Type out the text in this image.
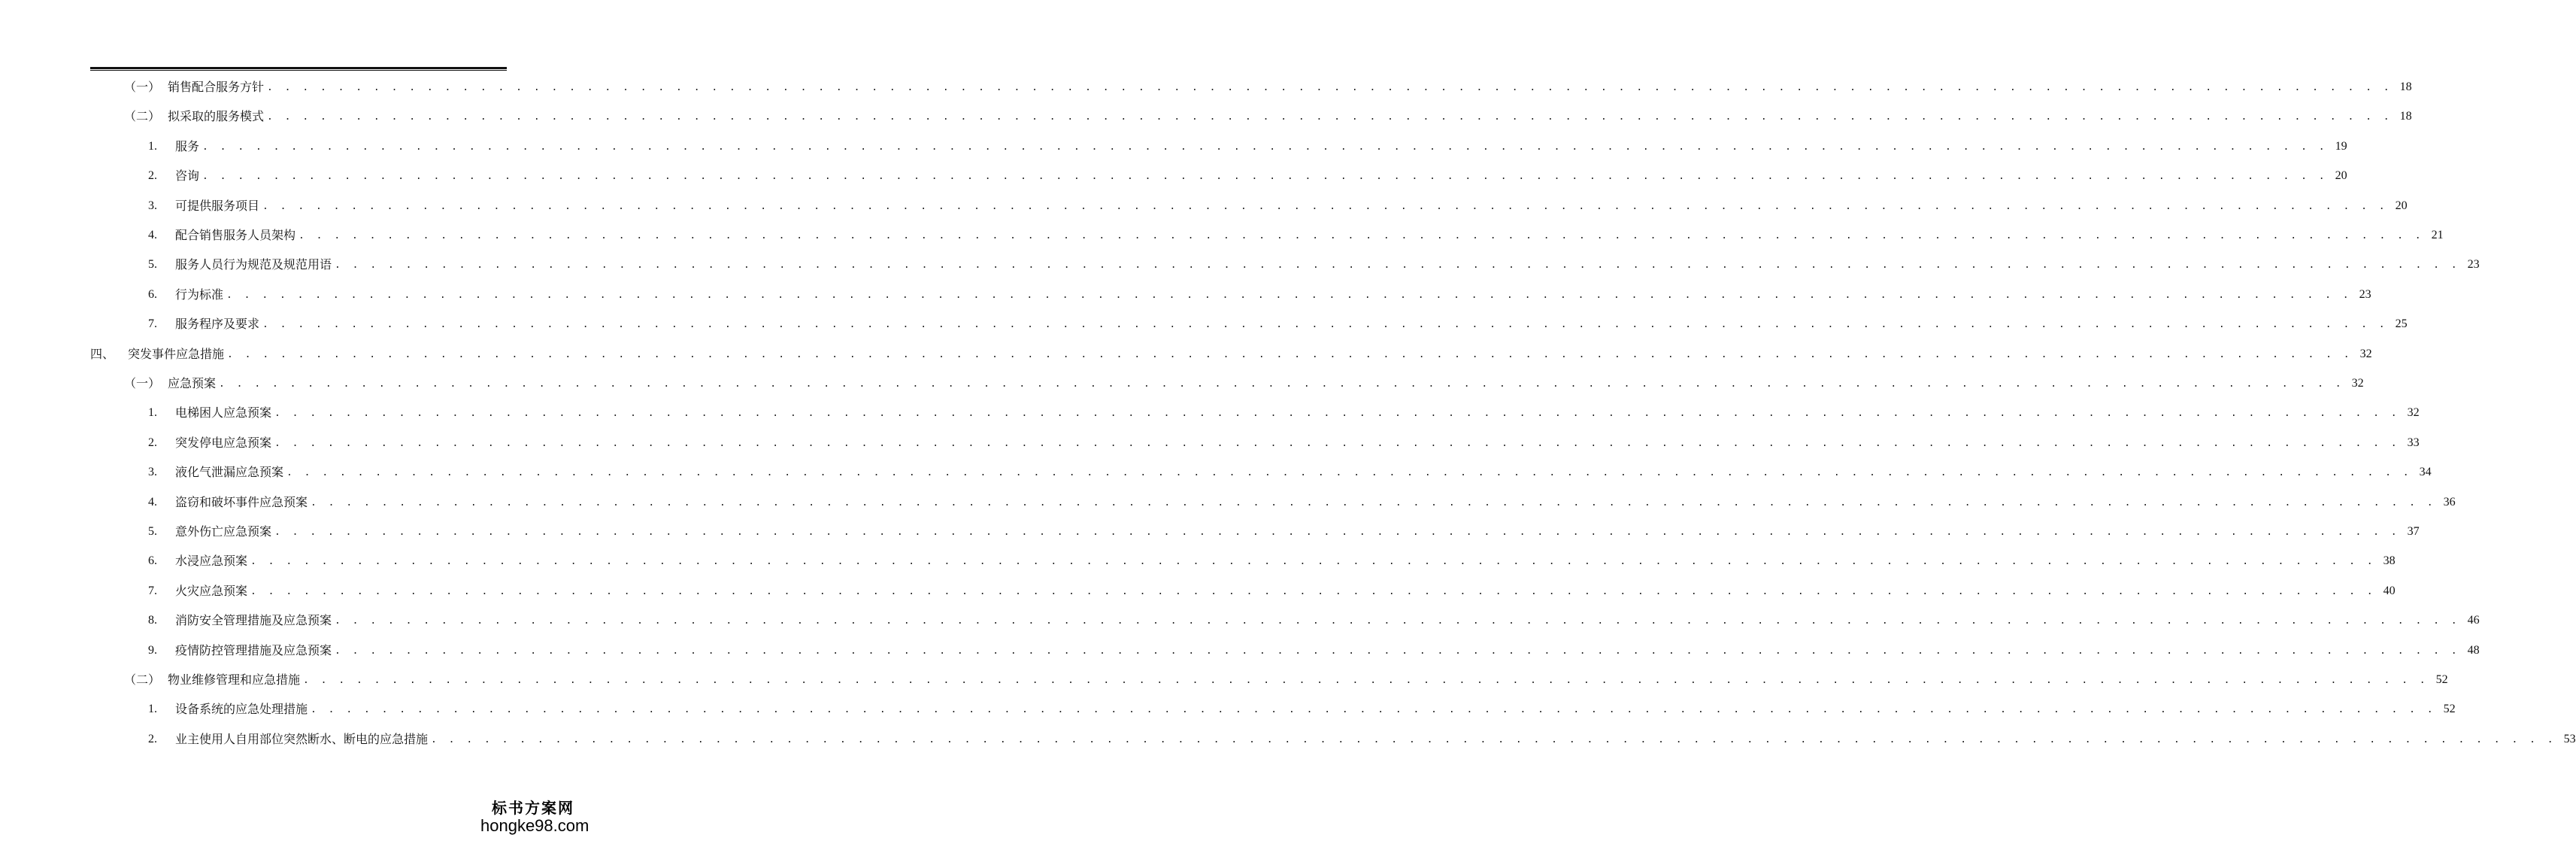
（一） 销售配合服务方针 . . . . . . . . . . . . . . . . . . . . . . . . . . . . . . . . . . . . . . . . . . . . . . . . . . . . . . . . . . . . . . . . . . . . . . . . . . . . . . . . . . . . . . . . . . . . . . . . . . . . . . . . . . . . . . . . . . . . . . . . 18
（二） 拟采取的服务模式 . . . . . . . . . . . . . . . . . . . . . . . . . . . . . . . . . . . . . . . . . . . . . . . . . . . . . . . . . . . . . . . . . . . . . . . . . . . . . . . . . . . . . . . . . . . . . . . . . . . . . . . . . . . . . . . . . . . . . . . . 18
1.	服务 . . . . . . . . . . . . . . . . . . . . . . . . . . . . . . . . . . . . . . . . . . . . . . . . . . . . . . . . . . . . . . . . . . . . . . . . . . . . . . . . . . . . . . . . . . . . . . . . . . . . . . . . . . . . . . . . . . . . . . . . 19
2.	咨询 . . . . . . . . . . . . . . . . . . . . . . . . . . . . . . . . . . . . . . . . . . . . . . . . . . . . . . . . . . . . . . . . . . . . . . . . . . . . . . . . . . . . . . . . . . . . . . . . . . . . . . . . . . . . . . . . . . . . . . . . 20
3.	可提供服务项目 . . . . . . . . . . . . . . . . . . . . . . . . . . . . . . . . . . . . . . . . . . . . . . . . . . . . . . . . . . . . . . . . . . . . . . . . . . . . . . . . . . . . . . . . . . . . . . . . . . . . . . . . . . . . . . . . . . . . . . . . 20
4.	配合销售服务人员架构 . . . . . . . . . . . . . . . . . . . . . . . . . . . . . . . . . . . . . . . . . . . . . . . . . . . . . . . . . . . . . . . . . . . . . . . . . . . . . . . . . . . . . . . . . . . . . . . . . . . . . . . . . . . . . . . . . . . . . . . . 21
5.	服务人员行为规范及规范用语 . . . . . . . . . . . . . . . . . . . . . . . . . . . . . . . . . . . . . . . . . . . . . . . . . . . . . . . . . . . . . . . . . . . . . . . . . . . . . . . . . . . . . . . . . . . . . . . . . . . . . . . . . . . . . . . . . . . . . . . . 23
6.	行为标准 . . . . . . . . . . . . . . . . . . . . . . . . . . . . . . . . . . . . . . . . . . . . . . . . . . . . . . . . . . . . . . . . . . . . . . . . . . . . . . . . . . . . . . . . . . . . . . . . . . . . . . . . . . . . . . . . . . . . . . . . 23
7.	服务程序及要求 . . . . . . . . . . . . . . . . . . . . . . . . . . . . . . . . . . . . . . . . . . . . . . . . . . . . . . . . . . . . . . . . . . . . . . . . . . . . . . . . . . . . . . . . . . . . . . . . . . . . . . . . . . . . . . . . . . . . . . . . 25
四、	突发事件应急措施 . . . . . . . . . . . . . . . . . . . . . . . . . . . . . . . . . . . . . . . . . . . . . . . . . . . . . . . . . . . . . . . . . . . . . . . . . . . . . . . . . . . . . . . . . . . . . . . . . . . . . . . . . . . . . . . . . . . . . . . . 32
（一） 应急预案 . . . . . . . . . . . . . . . . . . . . . . . . . . . . . . . . . . . . . . . . . . . . . . . . . . . . . . . . . . . . . . . . . . . . . . . . . . . . . . . . . . . . . . . . . . . . . . . . . . . . . . . . . . . . . . . . . . . . . . . . 32
1.	电梯困人应急预案 . . . . . . . . . . . . . . . . . . . . . . . . . . . . . . . . . . . . . . . . . . . . . . . . . . . . . . . . . . . . . . . . . . . . . . . . . . . . . . . . . . . . . . . . . . . . . . . . . . . . . . . . . . . . . . . . . . . . . . . . 32
2.	突发停电应急预案 . . . . . . . . . . . . . . . . . . . . . . . . . . . . . . . . . . . . . . . . . . . . . . . . . . . . . . . . . . . . . . . . . . . . . . . . . . . . . . . . . . . . . . . . . . . . . . . . . . . . . . . . . . . . . . . . . . . . . . . . 33
3.	液化气泄漏应急预案 . . . . . . . . . . . . . . . . . . . . . . . . . . . . . . . . . . . . . . . . . . . . . . . . . . . . . . . . . . . . . . . . . . . . . . . . . . . . . . . . . . . . . . . . . . . . . . . . . . . . . . . . . . . . . . . . . . . . . . . . 34
4.	盗窃和破坏事件应急预案 . . . . . . . . . . . . . . . . . . . . . . . . . . . . . . . . . . . . . . . . . . . . . . . . . . . . . . . . . . . . . . . . . . . . . . . . . . . . . . . . . . . . . . . . . . . . . . . . . . . . . . . . . . . . . . . . . . . . . . . . 36
5.	意外伤亡应急预案 . . . . . . . . . . . . . . . . . . . . . . . . . . . . . . . . . . . . . . . . . . . . . . . . . . . . . . . . . . . . . . . . . . . . . . . . . . . . . . . . . . . . . . . . . . . . . . . . . . . . . . . . . . . . . . . . . . . . . . . . 37
6.	水浸应急预案 . . . . . . . . . . . . . . . . . . . . . . . . . . . . . . . . . . . . . . . . . . . . . . . . . . . . . . . . . . . . . . . . . . . . . . . . . . . . . . . . . . . . . . . . . . . . . . . . . . . . . . . . . . . . . . . . . . . . . . . . 38
7.	火灾应急预案 . . . . . . . . . . . . . . . . . . . . . . . . . . . . . . . . . . . . . . . . . . . . . . . . . . . . . . . . . . . . . . . . . . . . . . . . . . . . . . . . . . . . . . . . . . . . . . . . . . . . . . . . . . . . . . . . . . . . . . . . 40
8.	消防安全管理措施及应急预案 . . . . . . . . . . . . . . . . . . . . . . . . . . . . . . . . . . . . . . . . . . . . . . . . . . . . . . . . . . . . . . . . . . . . . . . . . . . . . . . . . . . . . . . . . . . . . . . . . . . . . . . . . . . . . . . . . . . . . . . . 46
9.	疫情防控管理措施及应急预案 . . . . . . . . . . . . . . . . . . . . . . . . . . . . . . . . . . . . . . . . . . . . . . . . . . . . . . . . . . . . . . . . . . . . . . . . . . . . . . . . . . . . . . . . . . . . . . . . . . . . . . . . . . . . . . . . . . . . . . . . 48
（二） 物业维修管理和应急措施 . . . . . . . . . . . . . . . . . . . . . . . . . . . . . . . . . . . . . . . . . . . . . . . . . . . . . . . . . . . . . . . . . . . . . . . . . . . . . . . . . . . . . . . . . . . . . . . . . . . . . . . . . . . . . . . . . . . . . . . . 52
1.	设备系统的应急处理措施 . . . . . . . . . . . . . . . . . . . . . . . . . . . . . . . . . . . . . . . . . . . . . . . . . . . . . . . . . . . . . . . . . . . . . . . . . . . . . . . . . . . . . . . . . . . . . . . . . . . . . . . . . . . . . . . . . . . . . . . . 52
2.	业主使用人自用部位突然断水、断电的应急措施 . . . . . . . . . . . . . . . . . . . . . . . . . . . . . . . . . . . . . . . . . . . . . . . . . . . . . . . . . . . . . . . . . . . . . . . . . . . . . . . . . . . . . . . . . . . . . . . . . . . . . . . . . . . . . . . . . . . . . . . . 53
标书方案网
hongke98.com
